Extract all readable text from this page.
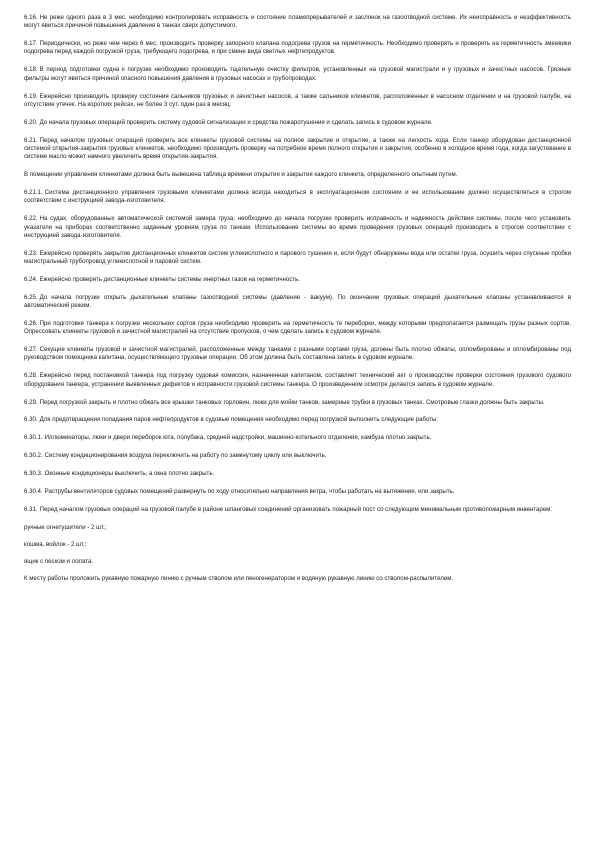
6.16. Не реже одного раза в 3 мес. необходимо контролировать исправность и состояние пламепрерывателей и заслонок на газоотводной системе. Их неисправность и неэффективность могут явиться причиной повышения давления в танках сверх допустимого.

6.17. Периодически, но реже чем через 6 мес. производить проверку запорного клапана подогрева грузов на герметичность. Необходимо проверять и проверять на герметичность змеевики подогрева перед каждой погрузкой груза, требующего подогрева, и при смене вида светлых нефтепродуктов.

6.18. В период подготовки судна к погрузке необходимо производить тщательную очистку фильтров, установленных на грузовой магистрали и у грузовых и зачистных насосов. Грязные фильтры могут явиться причиной опасного повышения давления в грузовых насосах и трубопроводах.

6.19. Ежерейсно производить проверку состояния сальников грузовых и зачистных насосов, а также сальников клинкетов, расположенных в насосном отделении и на грузовой палубе, на отсутствие утечек. На коротких рейсах, не более 3 сут, один раз в месяц.

6.20. До начала грузовых операций проверить систему судовой сигнализации и средства пожаротушения и сделать запись в судовом журнале.

6.21. Перед началом грузовых операций проверить все клинкеты грузовой системы на полное закрытие и открытие, а также на легкость хода. Если танкер оборудован дистанционной системой открытия-закрытия грузовых клинкетов, необходимо производить проверку на потребное время полного открытия и закрытия, особенно в холодное время года, когда загустевание в системе масло может намного увеличить время открытия-закрытия.

В помещении управления клинкетами должна быть вывешена таблица времени открытия и закрытия каждого клинкета, определенного опытным путем.

6.21.1. Система дистанционного управления грузовыми клинкетами должна всегда находиться в эксплуатационном состоянии и ее использование должно осуществляться в строгом соответствии с инструкцией завода-изготовителя.

6.22. На судах, оборудованных автоматической системой замера груза, необходимо до начала погрузки проверить исправность и надежность действия системы, после чего установить указатели на приборах соответственно заданным уровням груза по танкам. Использование системы во время проведения грузовых операций производить в строгом соответствии с инструкцией завода-изготовителя.

6.23. Ежерейсно проверять закрытие дистанционных клинкетов систем углекислотного и парового тушения и, если будут обнаружены вода или остатки груза, осушить через спускные пробки магистральный трубопровод углекислотной и паровой систем.

6.24. Ежерейсно проверять дистанционные клинкеты системы инертных газов на герметичность.

6.25. До начала погрузки открыть дыхательные клапаны газоотводной системы (давление - вакуум). По окончании грузовых операций дыхательные клапаны устанавливаются в автоматический режим.

6.26. При подготовке танкера к погрузке нескольких сортов груза необходимо проверить на герметичность те переборки, между которыми предполагается размещать грузы разных сортов. Опрессовать клинкеты грузовой и зачистной магистралей на отсутствие пропусков, о чем сделать запись в судовом журнале.

6.27. Секущие клинкеты грузовой и зачистной магистралей, расположенные между танками с разными сортами груза, должны быть плотно обжаты, опломбированы и опломбированы под руководством помощника капитана, осуществляющего грузовые операции. Об этом должна быть составлена запись в судовом журнале.

6.28. Ежерейсно перед постановкой танкера под погрузку судовая комиссия, назначенная капитаном, составляет технический акт о производстве проверки состояния грузового судового оборудования танкера, устранении выявленных дефектов и исправности грузовой системы танкера. О произведенном осмотре делается запись в судовом журнале.

6.29. Перед погрузкой закрыть и плотно обжать все крышки танковых горловин, люки для мойки танков, замерные трубки в грузовых танках. Смотровые глазки должны быть закрыты.

6.30. Для предотвращения попадания паров нефтепродуктов в судовые помещения необходимо перед погрузкой выполнить следующие работы:

6.30.1. Иллюминаторы, люки и двери переборок юта, полубака, средней надстройки, машинно-котельного отделения, камбуза плотно закрыть.

6.30.2. Систему кондиционирования воздуха переключить на работу по замкнутому циклу или выключить.

6.30.3. Оконные кондиционеры выключить, а окна плотно закрыть.

6.30.4. Раструбы вентиляторов судовых помещений развернуть по ходу относительно направления ветра, чтобы работать на вытяжение, или закрыть.

6.31. Перед началом грузовых операций на грузовой палубе в районе шланговых соединений организовать пожарный пост со следующим минимальным противопожарным инвентарем:

ручные огнетушители - 2 шт.;

кошма, войлок - 2 шт.;

ящик с песком и лопата.

К месту работы проложить рукавную пожарную линию с ручным стволом или пеногенератором и водяную рукавную линию со стволом-распылителем.
